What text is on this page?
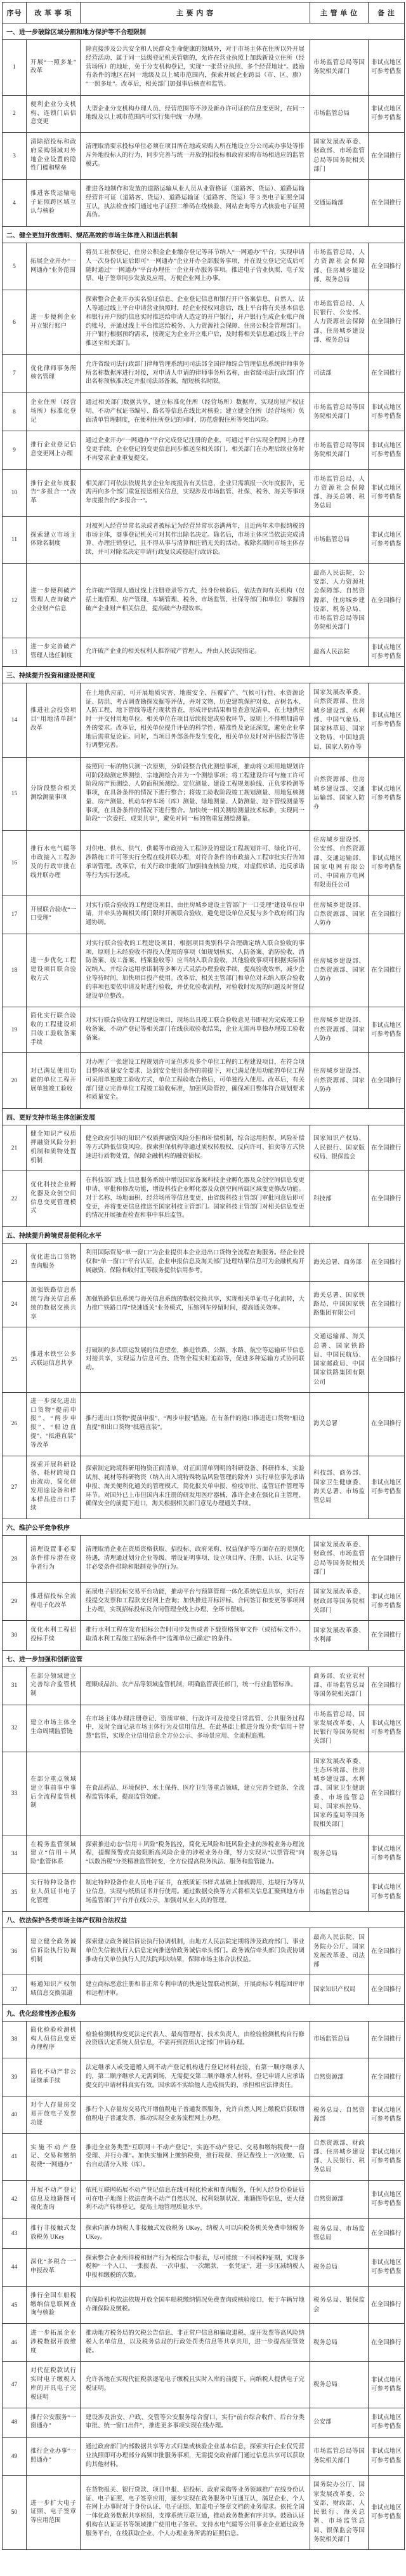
序号	改 革 事 项	主 要 内 容	主 管 单 位	备 注
一、进一步破除区域分割和地方保护等不合理限制				
1	开展“一照多址”改革	除直接涉及公共安全和人民群众生命健康的领域外，对于市场主体在住所以外开展经营活动、属于同一县级登记机关管辖的，允许在营业执照上加载新设立住所（经营场所）的地址，免于分支机构登记，实现“一张营业执照、多个经营地址”。鼓励有条件的地区在同一地级及以上城市范围内，探索开展企业跨县（市、区、旗）“一照多址”。改革后，相关部门加强事后核查和监管。	市场监管总局等国务院相关部门	非试点地区可参考借鉴
2	便利企业分支机构、连锁门店信息变更	大型企业分支机构办理人员、经营范围等不涉及新办许可证的信息变更时，在同一地级及以上城市范围内可实行集中统一办理。	市场监管总局	非试点地区可参考借鉴
3	清除招投标和政府采购领域对外地企业设置的隐性门槛和壁垒	清理取消要求投标单位必须在项目所在地或采购人所在地设立分公司或办事处等排斥外地投标人的行为，同步完善与统一开放的招投标和政府采购市场相适应的监管模式。	国家发展改革委、财政部、市场监管总局等国务院相关部门	在全国推行
4	推进客货运输电子证照跨区域互认与核验	推进各地制作和发放的道路运输从业人员从业资格证（道路客、货运）、道路运输经营许可证（道路客、货运）、道路运输证（道路客、货运）等 3 类电子证照全国互认，执法检查部门通过电子证照二维码在线核验、网站查询等方式核验电子证照真伪。	交通运输部	在全国推行
二、健全更加开放透明、规范高效的市场主体准入和退出机制				
5	拓展企业开办“一网通办”业务范围	将员工社保登记、住房公积金企业缴存登记等环节纳入“一网通办”平台，实现申请人一次身份认证后即可“一网通办”企业开办全部服务事项，并在设立登记完成后可随时通过“一网通办”平台办理任一企业开办服务事项。推进电子营业执照、电子发票、电子签章同步发放及应用，方便企业网上办事。	市场监管总局、人力资源社会保障部、住房城乡建设部、税务总局	在全国推行
6	进一步便利企业开立银行账户	探索整合企业开办实名验证信息、企业登记信息和银行开户备案信息，自然人、法人等通过线上平台申请营业执照时，经企业授权同意后，线上平台将有关基本信息和银行开户预约信息实时推送给申请人选定的开户银行，开户银行生成企业账户预约账号，并通过线上平台推送给税务、人力资源社会保障、住房公积金管理部门。开户银行根据预约需求，按规定为企业开立账户后，及时将相关信息通过线上平台推送至相关部门。	市场监管总局、人民银行、公安部、人力资源社会保障部、住房城乡建设部、税务总局	在全国推行
7	优化律师事务所核名管理	允许省级司法行政部门律师管理系统同司法部全国律师综合管理信息系统律师事务所名称数据库进行对接，对申请人申请的律师事务所名称，由省级司法行政部门作出名称预核准决定并报司法部备案，缩短核名时限。	司法部	在全国推行
8	企业住所（经营场所）标准化登记	通过相关部门数据共享，建立标准化住所（经营场所）数据库，实现房屋产权证明、不动产权证书编号、路名等信息在线比对核验；建立健全住所（经营场所）负面清单管理制度，在便利住所登记的同时，防范虚假住所等突出风险。	市场监管总局等国务院相关部门	非试点地区可参考借鉴
9	推行企业登记信息变更网上办理	通过企业开办“一网通办”平台完成登记注册的企业，可通过平台实现全程网上办理变更手续，企业登记的变更信息同步推送至相关部门，相关部门在办理后续业务时不再要求企业重复提交。	市场监管总局等国务院相关部门	非试点地区可参考借鉴
10	推行企业年度报告“多报合一”改革	相关部门可依法依规共享企业年度报告有关信息，企业只需填报一次年度报告，无需再向多个部门重复报送相关信息，实现涉及市场监管、社保、税务、海关等事项年度报告的“多报合一”。	市场监管总局、人力资源社会保障部、海关总署、税务总局	非试点地区可参考借鉴
11	探索建立市场主体除名制度	对被列入经营异常名录或者被标记为经营异常状态满两年，且近两年未申报纳税的市场主体，商事登记机关可对其作出除名决定。除名后，市场主体应当依法完成清算、办理注销登记，且不得从事与清算和注销无关的活动。被除名期间市场主体存续，并可对除名决定申请行政复议或提起行政诉讼。	市场监管总局	非试点地区可参考借鉴
12	进一步便利破产管理人查询破产企业财产信息	允许破产管理人通过线上注册登录等方式，经身份核验后，依法查询有关机构（包括土地管理、房产管理、车辆管理、税务、市场监管、社保等部门和单位）掌握的破产企业财产相关信息，提高破产办理效率。	最高人民法院，公安部、人力资源社会保障部、自然资源部、住房城乡建设部、税务总局、市场监管总局等国务院相关部门	在全国推行
13	进一步完善破产管理人选任制度	允许破产企业的相关权利人推荐破产管理人，并由人民法院指定。	最高人民法院	非试点地区可参考借鉴
三、持续提升投资和建设便利度				
14	推进社会投资项目“用地清单制”改革	在土地供应前，可开展地质灾害、地震安全、压覆矿产、气候可行性、水资源论证、防洪、考古调查勘探发掘等评估，并对文物、历史建筑保护对象、古树名木、人防工程、地下管线等进行现状普查，形成评估结果和普查意见清单，在土地供应时一并交付用地单位。相关单位在项目后续报建或验收环节，原则上不得增加清单外的要求。改革后，相关单位提升评估的科学性、精准性及论证深度，避免企业拿地后需重复论证。同时，当项目外部条件发生变化，相关单位及时对评估报告等进行调整完善。	国家发展改革委、自然资源部、住房城乡建设部、水利部、中国气象局、国家林草局、国家文物局、中国地震局、国家人防办等	非试点地区可参考借鉴
15	分阶段整合相关测绘测量事项	按照同一标的物只测一次原则，分阶段整合优化测绘事项，推动将立项用地规划许可阶段勘测定界测绘、宗地测绘合并为一个测绘事项；将工程建设许可与施工许可阶段房产预测绘、人防面积预测绘、定位测量、建设工程规划验线、正负零检测等事项，在具备条件的情况下进行整合；将竣工验收阶段竣工规划测量、用地复核测量、房产测量、机动车停车场（库）测量、绿地测量、人防测量、地下管线测量等事项，在具备条件的情况下进行整合。加快统一相关测绘测量技术标准，实现同一阶段“一次委托、成果共享”，避免对同一标的物重复测绘测量。	自然资源部、住房城乡建设部、交通运输部、国家人防办	非试点地区可参考借鉴
16	推行水电气暖等市政接入工程涉及的行政审批在线并联办理	对供电、供水、供气、供暖等市政接入工程涉及的建设工程规划许可、绿化许可、涉路施工许可等实行全程在线并联办理，对符合条件的市政接入工程审批实行告知承诺管理。改革后，有关行政审批部门加强抽查核验力度，对虚假承诺、违反承诺等行为实行惩戒。	住房城乡建设部、公安部、自然资源部、交通运输部、国家电网有限公司、中国南方电网有限责任公司	非试点地区可参考借鉴
17	开展联合验收“一口受理”	对实行联合验收的工程建设项目，由住房城乡建设主管部门“一口受理”建设单位申请，并牵头协调相关部门限时开展联合验收，避免建设单位反复与多个政府部门沟通协调。	住房城乡建设部、自然资源部、国家人防办	在全国推行
18	进一步优化工程建设项目联合验收方式	对实行联合验收的工程建设项目，根据项目类别科学合理确定纳入联合验收的事项，原则上未经验收不得投入使用的事项（如规划核实、人防备案、消防验收、消防备案、竣工备案、档案验收等）应当纳入联合验收，其他验收事项可根据实际情况纳入，并综合运用承诺制等多种方式灵活办理验收手续，提高验收效率，减少企业等待时间，加快项目投产使用。改革后，相关主管部门和单位对未纳入联合验收的事项也要依申请及时进行验收，并优化验收流程，对验收时发现的问题及时督促建设单位整改。	住房城乡建设部、自然资源部、国家人防办	在全国推行
19	简化实行联合验收的工程建设项目竣工验收备案手续	对实行联合验收的工程建设项目，现场出具竣工联合验收意见书即视为完成竣工验收备案，不动产登记等相关部门在线获取验收结果，企业无需再单独办理竣工验收备案。	住房城乡建设部、自然资源部、国家人防办	非试点地区可参考借鉴
20	对已满足使用功能的单位工程开展单独竣工验收	对办理了一张建设工程规划许可证但涉及多个单位工程的工程建设项目，在符合项目整体质量安全要求、达到安全使用条件的前提下，对已满足使用功能的单位工程可采用单独竣工验收方式，单位工程验收合格后，可单独投入使用。改革后，有关部门建立完善单位工程竣工验收标准，加强风险管控，确保项目整体符合规划要求和质量安全。	住房城乡建设部、自然资源部、国家人防办	在全国推行
四、更好支持市场主体创新发展				
21	健全知识产权质押融资风险分担机制和质物处置机制	健全政府引导的知识产权质押融资风险分担和补偿机制，综合运用担保、风险补偿等方式降低信贷风险。探索担保机构等通过质权转股权、反向许可、拍卖等方式快速进行质物处置，保障金融机构的融资债权。	国家知识产权局、人民银行、国家版权局、银保监会	在全国推行
22	优化科技企业孵化器及众创空间信息变更管理模式	在科技部门线上信息服务系统中增设国家备案科技企业孵化器及众创空间信息变更申请、审批和修改功能，增设科技企业孵化器及众创空间所属区域变更修改功能。对于名称、场地面积、经营场所等信息变更，由省级科技主管部门审批同意后即可变更，并将变更信息推送至国家科技主管部门。国家科技主管部门对相关信息变更的情况开展抽查检查和事中事后监管。	科技部	在全国推行
五、持续提升跨境贸易便利化水平				
23	优化进出口货物查询服务	利用国际贸易“单一窗口”为企业提供本企业进出口货物全流程查询服务。经企业授权和“单一窗口”平台认证，企业申报信息及海关部门处理结果信息可为金融机构开展融资、保险和收付汇等服务提供信用参考。	海关总署、商务部	在全国推行
24	加强铁路信息系统与海关信息系统的数据交换共享	加强铁路信息系统与海关信息系统的数据交换共享，实现相关单证电子化流转，大力推广铁路口岸“快速通关”业务模式，压缩列车停留时间，提高通关效率。	海关总署、国家铁路局、中国国家铁路集团有限公司	在全国推行
25	推进水铁空公多式联运信息共享	打破制约多式联运发展的信息壁垒，推进铁路、公路、水路、航空等运输环节信息对接共享，实现运力信息可查、货物全程实时追踪等，促进多种运输方式协同联动。	交通运输部、海关总署、国家铁路局、中国民航局、国家邮政局、中国国家铁路集团有限公司	在全国推行
26	进一步深化进出口货物“提前申报”、“两步申报”、“船边直提”、“抵港直装”等改革	推行进出口货物“提前申报”、“两步申报”措施。在有条件的港口推进进口货物“船边直提”和出口货物“抵港直装”。	海关总署	在全国推行
27	探索开展科研设备、耗材跨境自由流动，简化研发用途设备和样本样品进出口手续	探索制定跨境科研用物资正面清单，对正面清单列明的科研设备、科研样本、实验试剂、耗材等科研物资（纳入出入境特殊物品风险管理的除外）实行单位事先承诺申报、海关便利化通关的管理模式，简化报关单申报、检疫审批、监管证件管理等环节。对国外已上市但国内未注册的研发用医疗器械，准许企业在强化自主管理、确保安全的前提下进口，海关根据相关部门意见办理通关手续。	科技部、商务部、国家卫生健康委、海关总署、市场监管总局	非试点地区可参考借鉴
六、维护公平竞争秩序				
28	清理设置非必要条件排斥潜在竞争者行为	清理取消企业在资质资格获取、招投标、政府采购、权益保护等方面存在的差别化待遇，清理通过划分企业等级、增设证明事项、设立项目库、注册、认证、认定等非必要条件排除和限制竞争的行为。	国家发展改革委、财政部、市场监管总局等国务院相关部门	在全国推行
29	推进招投标全流程电子化改革	拓展电子招投标交易平台功能，推动平台与预算管理一体化系统信息共享，实行在线提交发票和工程款支付网上查询；加快推进开标评标、合同签订和变更等事项网上办理，实现招标投标及合同管理全线上办理、全环节留痕。	国家发展改革委、财政部等国务院相关部门	非试点地区可参考借鉴
30	优化水利工程招投标手续	推行水利工程在发布招标公告时同步发售或者下载资格预审文件（或招标文件）。取消水利工程施工招标条件中“监理单位已确定”的条件。	国家发展改革委、水利部	在全国推行
七、进一步加强和创新监管				
31	在部分领域建立完善综合监管机制	理顺成品油、农产品等领域监管机制，明确监管责任部门，统一行业监管标准。	商务部、农业农村部、市场监管总局等国务院相关部门	在全国推行
32	建立市场主体全生命周期监管链	在市场主体办理注册登记、资质审核、行政许可及接受日常监管、公共服务过程中，及时全面记录市场主体行为及信用信息，在此基础上推进分级分类“信用＋智慧”监管，实现企业信用信息全方位公示、多场景应用、全流程追溯。	市场监管总局、国家发展改革委、人民银行等国务院相关部门	非试点地区可参考借鉴
33	在部分重点领域建立事前事中事后全流程监管机制	在食品药品、环境保护、水土保持、医疗卫生等重点领域，建立完善全链条、全流程监管体系，提高监管效能。	国家发展改革委、生态环境部、住房城乡建设部、水利部、国家卫生健康委、市场监管总局、国家疾控局、国家药监局等国务院相关部门	在全国推行
34	在税务监管领域建立“信用＋风险”监管体系	探索推进动态“信用＋风险”税务监控，简化无风险和低风险企业的涉税业务办理流程，提醒预警或直接阻断高风险企业的涉税业务办理，努力实现从“以票管税”向“以数治税”分类精准监管转变，全方位提高税务执法、服务和监管能力。	税务总局	非试点地区可参考借鉴
35	实行特种设备作业人员证书电子化管理	制定特种设备作业人员电子证书，在纸质证书样式基础上加载聘用、违规行为等从业信息，实现与纸质证书并行使用。通过数据交换等方式将相关信息汇聚到地方市场监管部门平台并在线公示，加强对从业人员的管理。	市场监管总局	非试点地区可参考借鉴
八、依法保护各类市场主体产权和合法权益				
36	建立健全政务诚信诉讼执行协调机制	探索建立政务诚信诉讼执行协调机制，由地方人民法院定期将涉及政府部门、事业单位失信被执行人信息定向推送给政务诚信牵头部门。政务诚信牵头部门负责协调推动有关单位执行人民法院判决结果，保障市场主体合法权益。	最高人民法院，国务院办公厅、国家发展改革委、司法部	在全国推行
37	畅通知识产权领域信息交换渠道	建立商标恶意注册和非正常专利申请的快速处置联动机制，开展商标专利巡回评审和远程评审。	国家知识产权局	在全国推行
九、优化经常性涉企服务				
38	简化检验检测机构人员信息变更办理程序	检验检测机构变更法定代表人、最高管理者、技术负责人，由检验检测机构自行修改资质认定系统人员信息，不需再到资质认定部门申请办理。	市场监管总局	在全国推行
39	简化不动产非公证继承手续	法定继承人或受遗赠人到不动产登记机构进行登记材料查验，有第一顺序继承人的，第二顺序继承人无需到场，无需提交第二顺序继承人材料。登记申请人应承诺提交的申请材料真实有效，因承诺不实给他人造成损失的，承担相应法律责任。	自然资源部	在全国推行
40	对个人存量房交易开放电子发票功能	推行个人存量房交易代开增值税电子普通发票服务，允许自然人网上缴税后获取增值税电子普通发票，推动实现全业务流程网上办理。	税务总局、自然资源部	非试点地区可参考借鉴
41	实施不动产登记、交易和缴纳税费“一网通办”	推进全业务类型“互联网＋不动产登记”，实施不动产登记、交易和缴纳税费“一窗受理、并行办理”。加快实施网上缴纳税费，推行税费、登记费线上一次收缴、后台自动清分入账（库）。	自然资源部、财政部、住房城乡建设部、人民银行、税务总局	非试点地区可参考借鉴
42	开展不动产登记信息及地籍图可视化查询	依托互联网拓展不动产登记信息在线可视化检索和查询服务，任何人经身份验证后可在电子地图上依法查询不动产自然状况、权利限制状况、地籍图等信息，更大便利不动产转移登记，提高土地管理质量水平。	自然资源部	非试点地区可参考借鉴
43	推行非接触式发放税务 UKey	探索向新办纳税人非接触式发放税务 UKey，纳税人可以向税务机关免费申领税务 UKey。	税务总局、市场监管总局	在全国推行
44	深化“多税合一”申报改革	探索整合企业所得税和财产行为税综合申报表，尽可能统一不同税种征期，实现多税种“一个入口、一张报表、一次申报、一次缴款、一张凭证”，进一步压减纳税人申报和缴税的次数。	税务总局	非试点地区可参考借鉴
45	推行全国车船税缴纳信息联网查询与核验	向保险机构依法依规开放全国车船税缴纳情况免费查询或核验接口，便于车辆异地办理保险及缴税。	税务总局、银保监会	在全国推行
46	进一步拓展企业涉税数据开放维度	推动地方税务局的欠税公告信息、非正常户信息和骗取退税、虚开发票等高风险纳税人名单信息，以及税务总局的行政处罚类信息等共享共用，进一步提高征管效能。	税务总局	在全国推行
47	对代征税款试行实时电子缴税入库的开具电子完税证明	允许各地在实现代征税款逐笔电子缴税且实时入库的前提下，向纳税人提供电子完税证明。	税务总局	非试点地区可参考借鉴
48	推行公安服务“一窗通办”	建设涉及治安、户政、交管等公安服务综合窗口，实行“前台综合收件、后台分类审批、统一窗口出件”，推进更多事项实现在线办理。	公安部	非试点地区可参考借鉴
49	推行企业办事“一照通办”	通过政府部门内部数据共享等方式归集或核验企业基本信息，探索实行企业仅凭营业执照即可办理部分高频审批服务事项，无需提交政府部门通过信息共享可以获取的其他材料。	市场监管总局等国务院相关部门	非试点地区可参考借鉴
50	进一步扩大电子证照、电子签章等应用范围	在货物报关、银行贷款、项目申报、招投标、政府采购等业务领域推广在线身份认证、电子证照、电子签章应用，逐步实现在政务服务中互通互认，满足企业、个人在网上办事时对于身份认证、电子证照、加盖电子签章文档的业务需求。依托全国一体化政务数据共享枢纽，支撑系统互联互通，推动政务数据有序共享。鼓励认证机构在认证证书等领域推广使用电子签章。支持水电气暖等公用事业企业通过政务服务平台，在线获取企业、个人办理业务所需的证照信息。	国务院办公厅、国家发展改革委、公安部、财政部、人民银行、海关总署、市场监管总局、银保监会等国务院相关部门	非试点地区可参考借鉴
